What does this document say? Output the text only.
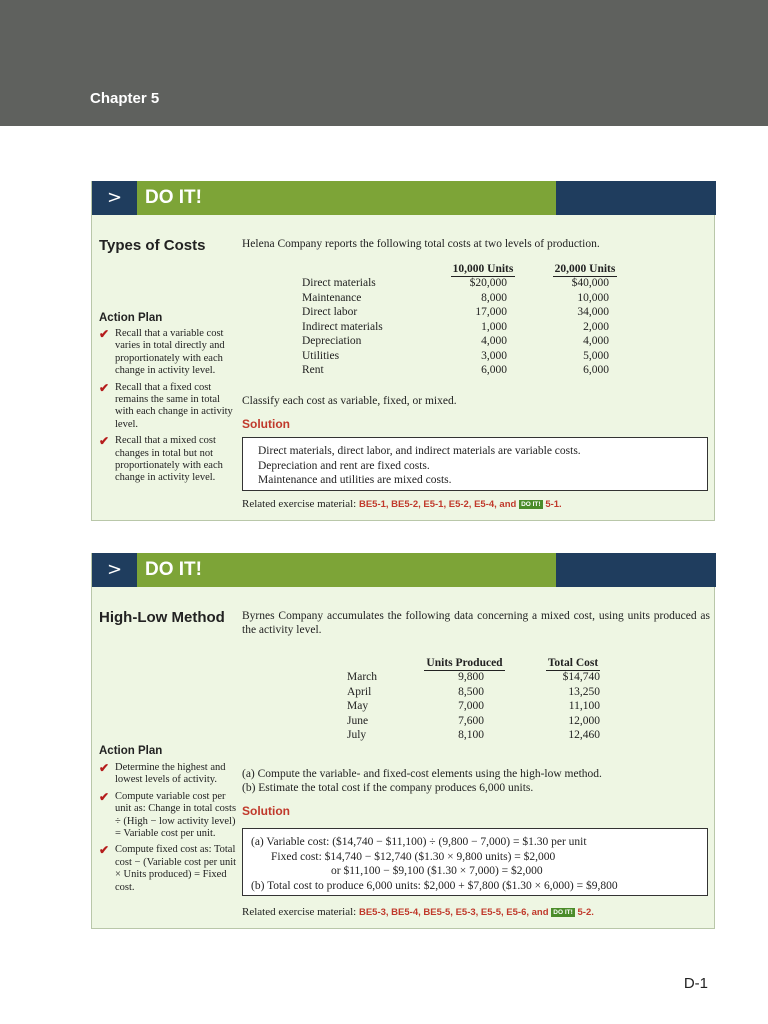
Chapter 5
>	DO IT!
Types of Costs	Helena Company reports the following total costs at two levels of production.
	10,000 Units		20,000 Units
Direct materials	$20,000		$40,000
Maintenance	8,000		10,000
Direct labor	17,000		34,000
Indirect materials	1,000		2,000
Depreciation	4,000		4,000
Utilities	3,000		5,000
Rent	6,000		6,000
Action Plan
✔ Recall that a variable cost varies in total directly and proportionately with each change in activity level.
✔ Recall that a fixed cost remains the same in total with each change in activity level.
✔ Recall that a mixed cost changes in total but not proportionately with each change in activity level.
Classify each cost as variable, fixed, or mixed.
Solution
Direct materials, direct labor, and indirect materials are variable costs.
Depreciation and rent are fixed costs.
Maintenance and utilities are mixed costs.
Related exercise material: BE5-1, BE5-2, E5-1, E5-2, E5-4, and DO IT! 5-1.
>	DO IT!
High-Low Method Byrnes Company accumulates the following data concerning a mixed cost, using units produced as the activity level.
	Units Produced		Total Cost
March	9,800		$14,740
April	8,500		13,250
May	7,000		11,100
June	7,600		12,000
July	8,100		12,460
Action Plan
✔ Determine the highest and lowest levels of activity.
✔ Compute variable cost per unit as: Change in total costs ÷ (High − low activity level) = Variable cost per unit.
✔ Compute fixed cost as: Total cost − (Variable cost per unit × Units produced) = Fixed cost.
(a) Compute the variable- and fixed-cost elements using the high-low method.
(b) Estimate the total cost if the company produces 6,000 units.
Solution
(a) Variable cost: ($14,740 − $11,100) ÷ (9,800 − 7,000) = $1.30 per unit
Fixed cost: $14,740 − $12,740 ($1.30 × 9,800 units) = $2,000
or $11,100 − $9,100 ($1.30 × 7,000) = $2,000
(b) Total cost to produce 6,000 units: $2,000 + $7,800 ($1.30 × 6,000) = $9,800
Related exercise material: BE5-3, BE5-4, BE5-5, E5-3, E5-5, E5-6, and DO IT! 5-2.
D-1
